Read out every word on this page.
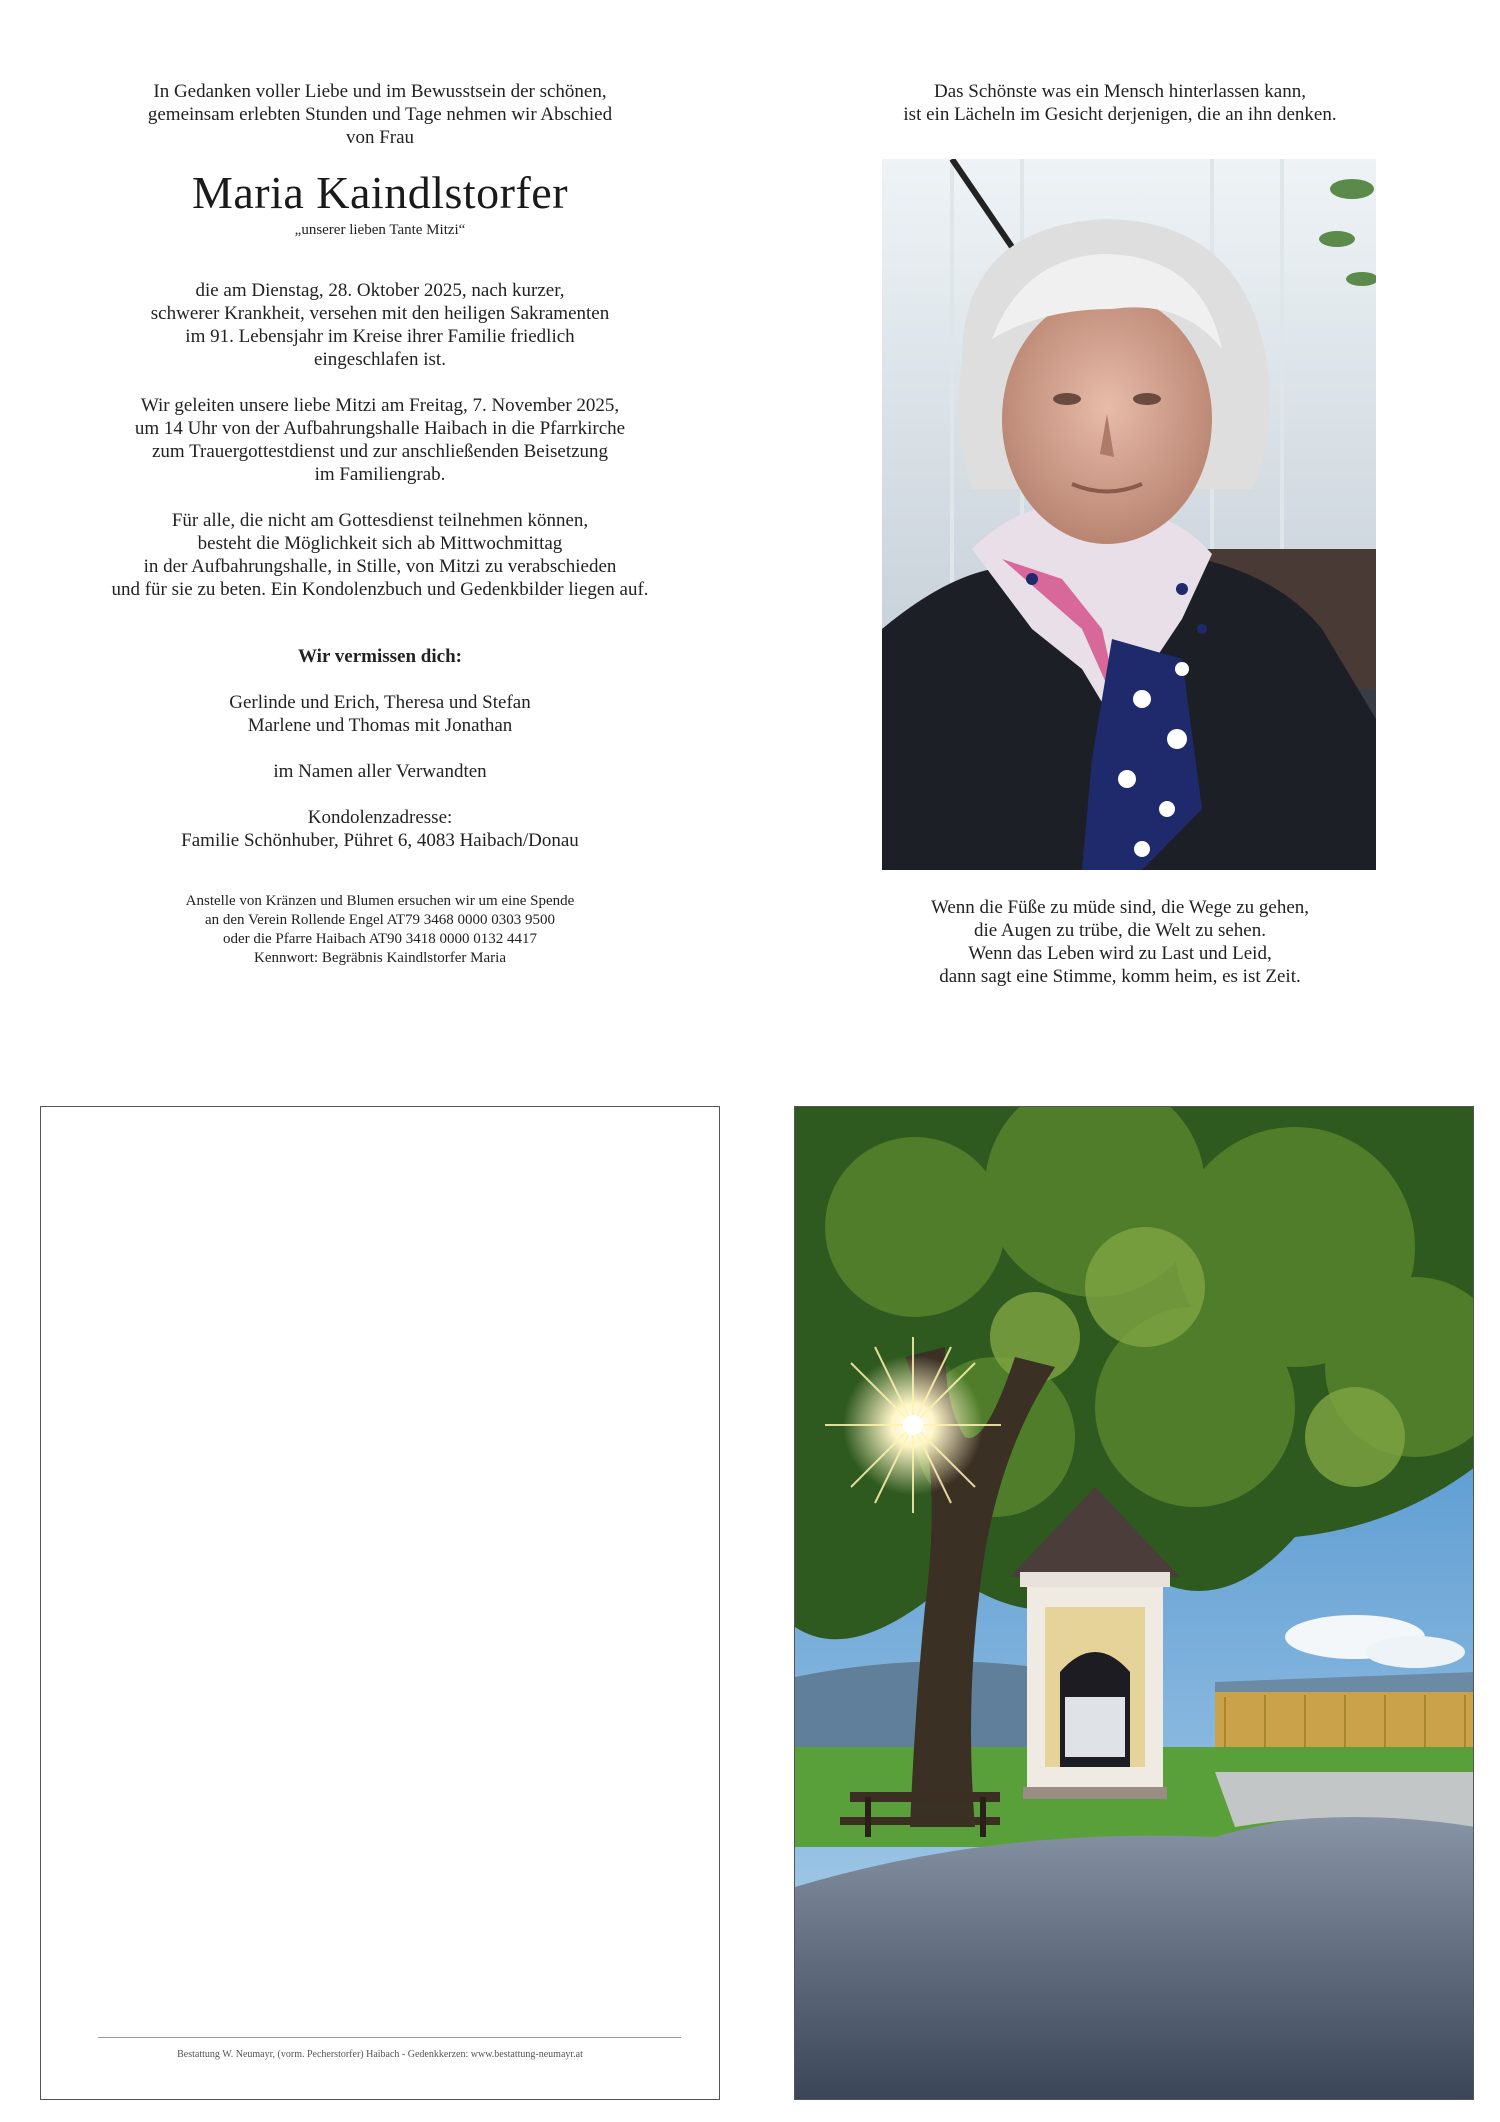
In Gedanken voller Liebe und im Bewusstsein der schönen,
gemeinsam erlebten Stunden und Tage nehmen wir Abschied
von Frau

Maria Kaindlstorfer
„unserer lieben Tante Mitzi“

die am Dienstag, 28. Oktober 2025, nach kurzer,
schwerer Krankheit, versehen mit den heiligen Sakramenten
im 91. Lebensjahr im Kreise ihrer Familie friedlich
eingeschlafen ist.

Wir geleiten unsere liebe Mitzi am Freitag, 7. November 2025,
um 14 Uhr von der Aufbahrungshalle Haibach in die Pfarrkirche
zum Trauergottestdienst und zur anschließenden Beisetzung
im Familiengrab.

Für alle, die nicht am Gottesdienst teilnehmen können,
besteht die Möglichkeit sich ab Mittwochmittag
in der Aufbahrungshalle, in Stille, von Mitzi zu verabschieden
und für sie zu beten. Ein Kondolenzbuch und Gedenkbilder liegen auf.

Wir vermissen dich:

Gerlinde und Erich, Theresa und Stefan
Marlene und Thomas mit Jonathan

im Namen aller Verwandten

Kondolenzadresse:
Familie Schönhuber, Pühret 6, 4083 Haibach/Donau

Anstelle von Kränzen und Blumen ersuchen wir um eine Spende
an den Verein Rollende Engel AT79 3468 0000 0303 9500
oder die Pfarre Haibach AT90 3418 0000 0132 4417
Kennwort: Begräbnis Kaindlstorfer Maria

Das Schönste was ein Mensch hinterlassen kann,
ist ein Lächeln im Gesicht derjenigen, die an ihn denken.

Wenn die Füße zu müde sind, die Wege zu gehen,
die Augen zu trübe, die Welt zu sehen.
Wenn das Leben wird zu Last und Leid,
dann sagt eine Stimme, komm heim, es ist Zeit.

Bestattung W. Neumayr, (vorm. Pecherstorfer) Haibach - Gedenkkerzen: www.bestattung-neumayr.at
